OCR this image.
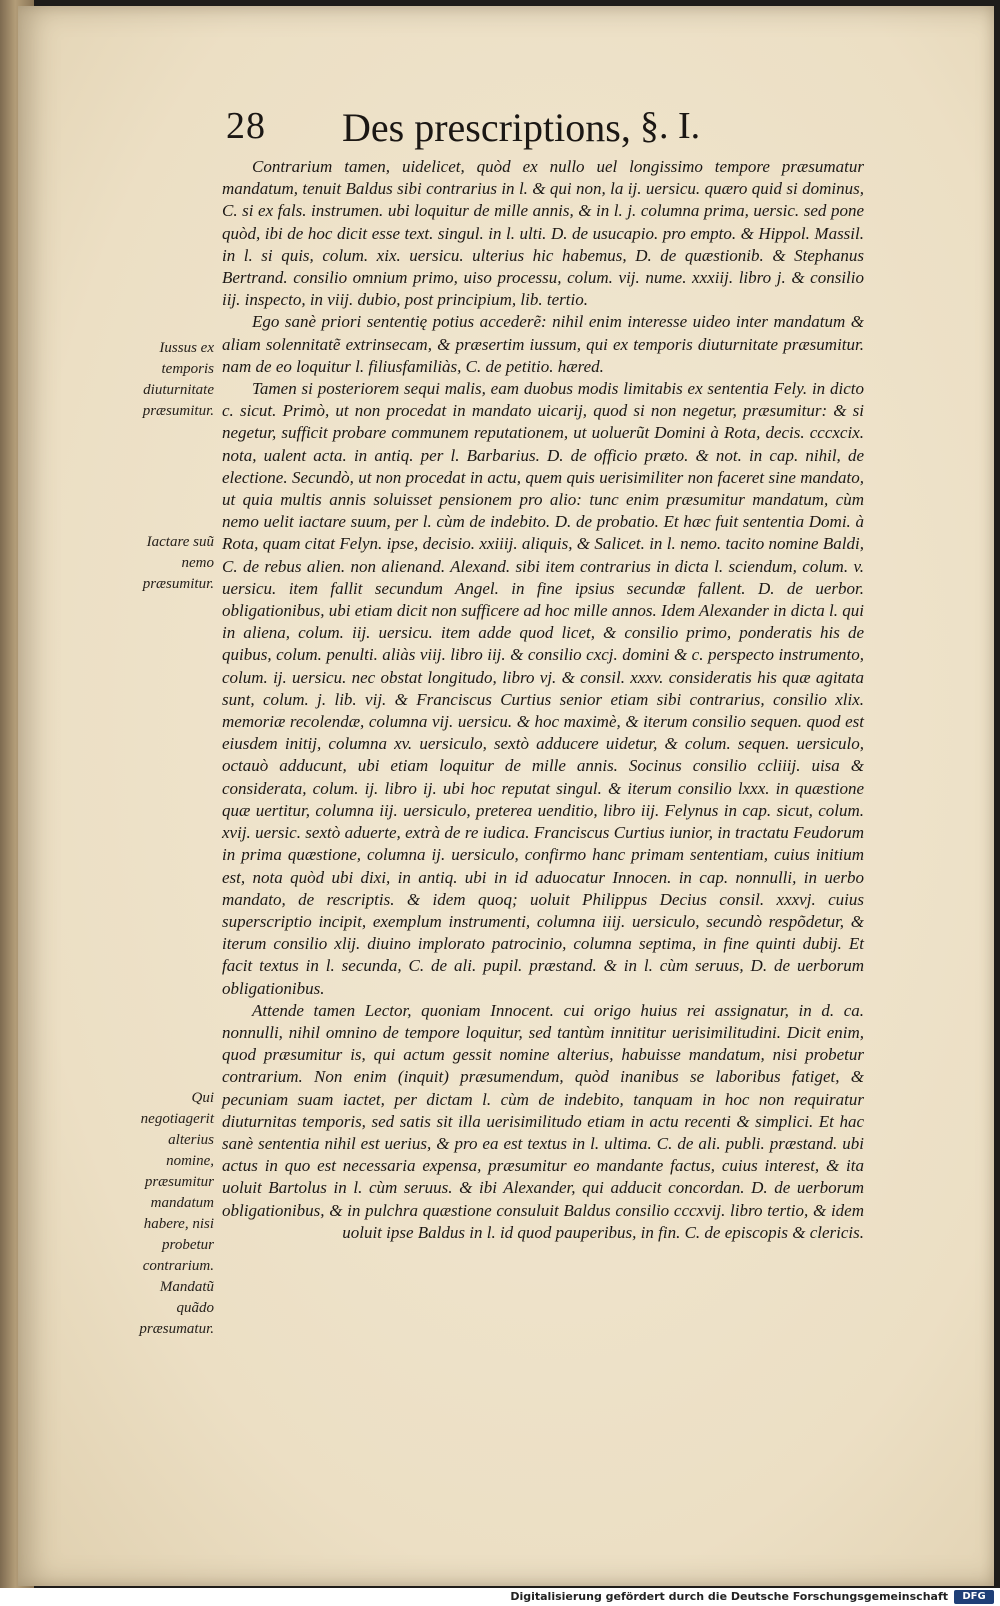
28 Des prescriptions, §. I.
Iussus ex temporis diuturnitate præsumitur.
Iactare suũ nemo præsumitur.
Qui negotiagerit alterius nomine, præsumitur mandatum habere, nisi probetur contrarium. Mandatũ quãdo præsumatur.

Contrarium tamen, uidelicet, quòd ex nullo uel longissimo tempore præsumatur mandatum, tenuit Baldus sibi contrarius in l. & qui non, la ij. uersicu. quæro quid si dominus, C. si ex fals. instrumen. ubi loquitur de mille annis, & in l. j. columna prima, uersic. sed pone quòd, ibi de hoc dicit esse text. singul. in l. ulti. D. de usucapio. pro empto. & Hippol. Massil. in l. si quis, colum. xix. uersicu. ulterius hic habemus, D. de quæstionib. & Stephanus Bertrand. consilio omnium primo, uiso processu, colum. vij. nume. xxxiij. libro j. & consilio iij. inspecto, in viij. dubio, post principium, lib. tertio.

Ego sanè priori sententię potius accederẽ: nihil enim interesse uideo inter mandatum & aliam solennitatẽ extrinsecam, & præsertim iussum, qui ex temporis diuturnitate præsumitur. nam de eo loquitur l. filiusfamiliàs, C. de petitio. hæred.

Tamen si posteriorem sequi malis, eam duobus modis limitabis ex sententia Fely. in dicto c. sicut. Primò, ut non procedat in mandato uicarij, quod si non negetur, præsumitur: & si negetur, sufficit probare communem reputationem, ut uoluerũt Domini à Rota, decis. cccxcix. nota, ualent acta. in antiq. per l. Barbarius. D. de officio præto. & not. in cap. nihil, de electione. Secundò, ut non procedat in actu, quem quis uerisimiliter non faceret sine mandato, ut quia multis annis soluisset pensionem pro alio: tunc enim præsumitur mandatum, cùm nemo uelit iactare suum, per l. cùm de indebito. D. de probatio. Et hæc fuit sententia Domi. à Rota, quam citat Felyn. ipse, decisio. xxiiij. aliquis, & Salicet. in l. nemo. tacito nomine Baldi, C. de rebus alien. non alienand. Alexand. sibi item contrarius in dicta l. sciendum, colum. v. uersicu. item fallit secundum Angel. in fine ipsius secundæ fallent. D. de uerbor. obligationibus, ubi etiam dicit non sufficere ad hoc mille annos. Idem Alexander in dicta l. qui in aliena, colum. iij. uersicu. item adde quod licet, & consilio primo, ponderatis his de quibus, colum. penulti. aliàs viij. libro iij. & consilio cxcj. domini & c. perspecto instrumento, colum. ij. uersicu. nec obstat longitudo, libro vj. & consil. xxxv. consideratis his quæ agitata sunt, colum. j. lib. vij. & Franciscus Curtius senior etiam sibi contrarius, consilio xlix. memoriæ recolendæ, columna vij. uersicu. & hoc maximè, & iterum consilio sequen. quod est eiusdem initij, columna xv. uersiculo, sextò adducere uidetur, & colum. sequen. uersiculo, octauò adducunt, ubi etiam loquitur de mille annis. Socinus consilio ccliiij. uisa & considerata, colum. ij. libro ij. ubi hoc reputat singul. & iterum consilio lxxx. in quæstione quæ uertitur, columna iij. uersiculo, preterea uenditio, libro iij. Felynus in cap. sicut, colum. xvij. uersic. sextò aduerte, extrà de re iudica. Franciscus Curtius iunior, in tractatu Feudorum in prima quæstione, columna ij. uersiculo, confirmo hanc primam sententiam, cuius initium est, nota quòd ubi dixi, in antiq. ubi in id aduocatur Innocen. in cap. nonnulli, in uerbo mandato, de rescriptis. & idem quoq; uoluit Philippus Decius consil. xxxvj. cuius superscriptio incipit, exemplum instrumenti, columna iiij. uersiculo, secundò respõdetur, & iterum consilio xlij. diuino implorato patrocinio, columna septima, in fine quinti dubij. Et facit textus in l. secunda, C. de ali. pupil. præstand. & in l. cùm seruus, D. de uerborum obligationibus.

Attende tamen Lector, quoniam Innocent. cui origo huius rei assignatur, in d. ca. nonnulli, nihil omnino de tempore loquitur, sed tantùm innititur uerisimilitudini. Dicit enim, quod præsumitur is, qui actum gessit nomine alterius, habuisse mandatum, nisi probetur contrarium. Non enim (inquit) præsumendum, quòd inanibus se laboribus fatiget, & pecuniam suam iactet, per dictam l. cùm de indebito, tanquam in hoc non requiratur diuturnitas temporis, sed satis sit illa uerisimilitudo etiam in actu recenti & simplici. Et hac sanè sententia nihil est uerius, & pro ea est textus in l. ultima. C. de ali. publi. præstand. ubi actus in quo est necessaria expensa, præsumitur eo mandante factus, cuius interest, & ita uoluit Bartolus in l. cùm seruus. & ibi Alexander, qui adducit concordan. D. de uerborum obligationibus, & in pulchra quæstione consuluit Baldus consilio cccxvij. libro tertio, & idem uoluit ipse Baldus in l. id quod pauperibus, in fin. C. de episcopis & clericis.

Digitalisierung gefördert durch die Deutsche Forschungsgemeinschaft	DFG
